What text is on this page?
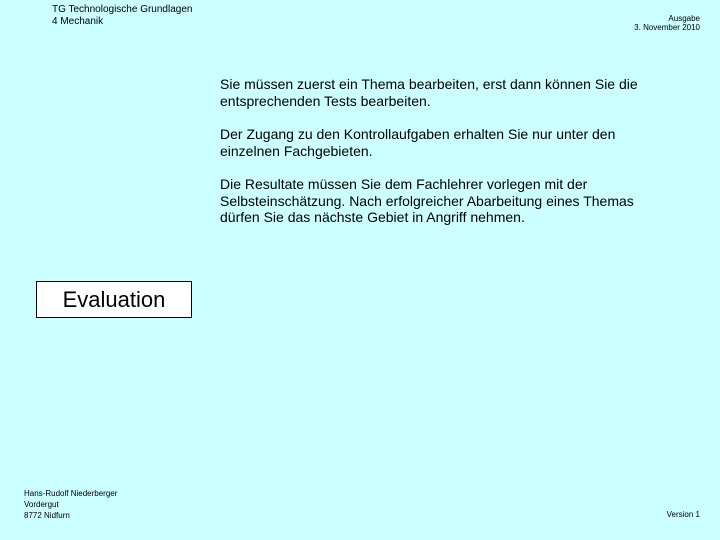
TG Technologische Grundlagen
4 Mechanik	Ausgabe
3. November 2010

Sie müssen zuerst ein Thema bearbeiten, erst dann können Sie die entsprechenden Tests bearbeiten.

Der Zugang zu den Kontrollaufgaben erhalten Sie nur unter den einzelnen Fachgebieten.

Die Resultate müssen Sie dem Fachlehrer vorlegen mit der Selbsteinschätzung. Nach erfolgreicher Abarbeitung eines Themas dürfen Sie das nächste Gebiet in Angriff nehmen.

Evaluation
Hans-Rudolf Niederberger
Vordergut
8772 Nidfurn	Version 1
